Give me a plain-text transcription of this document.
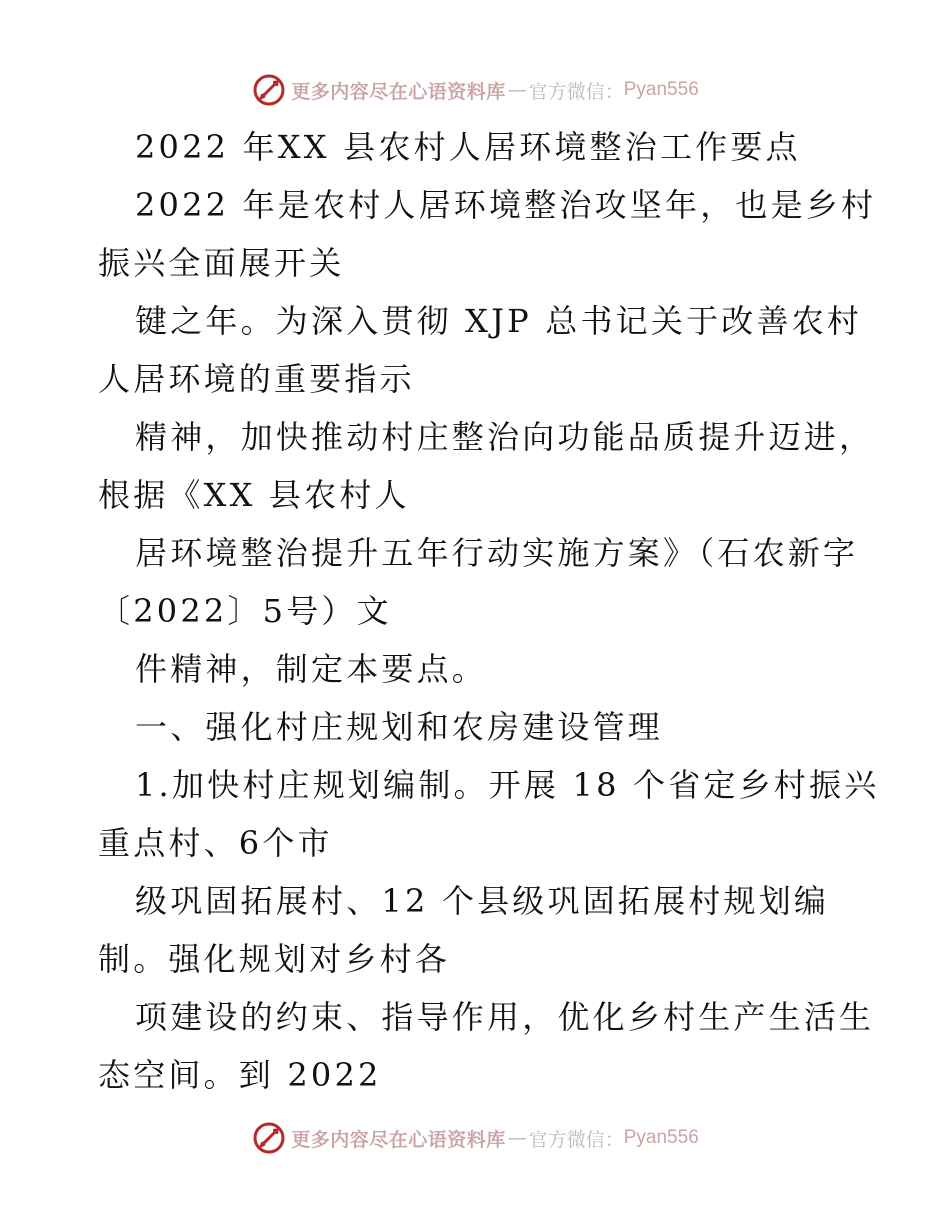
更多内容尽在心语资料库 — 官方微信： Pyan556
2022 年XX 县农村人居环境整治工作要点
2022 年是农村人居环境整治攻坚年，也是乡村
振兴全面展开关
键之年。为深入贯彻 XJP 总书记关于改善农村
人居环境的重要指示
精神，加快推动村庄整治向功能品质提升迈进，
根据《XX 县农村人
居环境整治提升五年行动实施方案》（石农新字
〔2022〕5号）文
件精神，制定本要点。
一、强化村庄规划和农房建设管理
1.加快村庄规划编制。开展 18 个省定乡村振兴
重点村、6个市
级巩固拓展村、12 个县级巩固拓展村规划编
制。强化规划对乡村各
项建设的约束、指导作用，优化乡村生产生活生
态空间。到 2022
更多内容尽在心语资料库 — 官方微信： Pyan556
